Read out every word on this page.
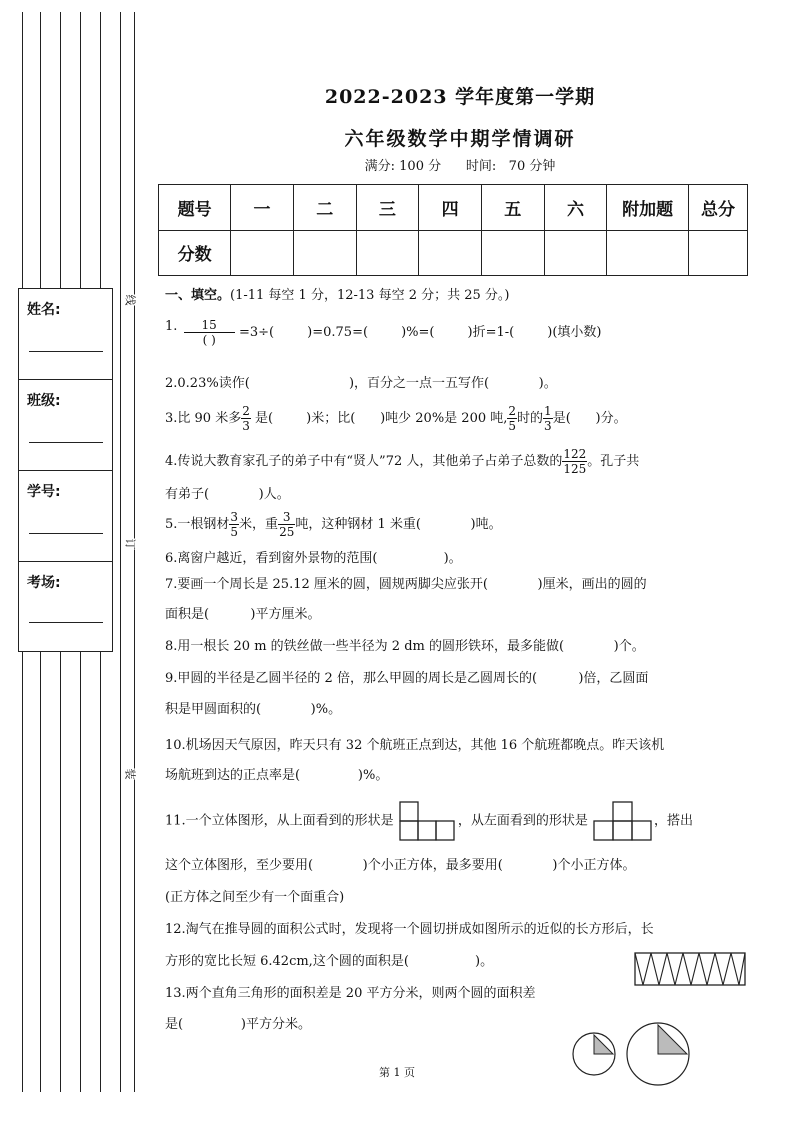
姓名:
班级:
学号:
考场:
线
订
装
2022-2023 学年度第一学期
六年级数学中期学情调研
满分: 100 分      时间:   70 分钟
题号	一	二	三	四	五	六	附加题	总分
分数								
一、填空。(1-11 每空 1 分，12-13 每空 2 分；共 25 分。)
1. $\frac{15}{( )} =3\div$(        )=0.75=(        )%=(        )折=1-(        )(填小数)
2.0.23%读作(                        )，百分之一点一五写作(            )。
3.比 90 米多 $\frac{2}{3}$ 是(        )米；比(      )吨少 20%是 200 吨, $\frac{2}{5}$ 时的 $\frac{1}{3}$ 是(      )分。
4.传说大教育家孔子的弟子中有“贤人”72 人，其他弟子占弟子总数的 $\frac{122}{125}$ 。孔子共
有弟子(            )人。
5.一根钢材 $\frac{3}{5}$ 米，重 $\frac{3}{25}$ 吨，这种钢材 1 米重(            )吨。
6.离窗户越近，看到窗外景物的范围(                )。
7.要画一个周长是 25.12 厘米的圆，圆规两脚尖应张开(            )厘米，画出的圆的
面积是(          )平方厘米。
8.用一根长 20 m 的铁丝做一些半径为 2 dm 的圆形铁环，最多能做(            )个。
9.甲圆的半径是乙圆半径的 2 倍，那么甲圆的周长是乙圆周长的(          )倍，乙圆面
积是甲圆面积的(            )%。
10.机场因天气原因，昨天只有 32 个航班正点到达，其他 16 个航班都晚点。昨天该机
场航班到达的正点率是(              )%。
11.一个立体图形，从上面看到的形状是	，从左面看到的形状是	，搭出
这个立体图形，至少要用(            )个小正方体，最多要用(            )个小正方体。
(正方体之间至少有一个面重合)
12.淘气在推导圆的面积公式时，发现将一个圆切拼成如图所示的近似的长方形后，长
方形的宽比长短 6.42cm,这个圆的面积是(                )。
13.两个直角三角形的面积差是 20 平方分米，则两个圆的面积差
是(              )平方分米。
第 1 页
